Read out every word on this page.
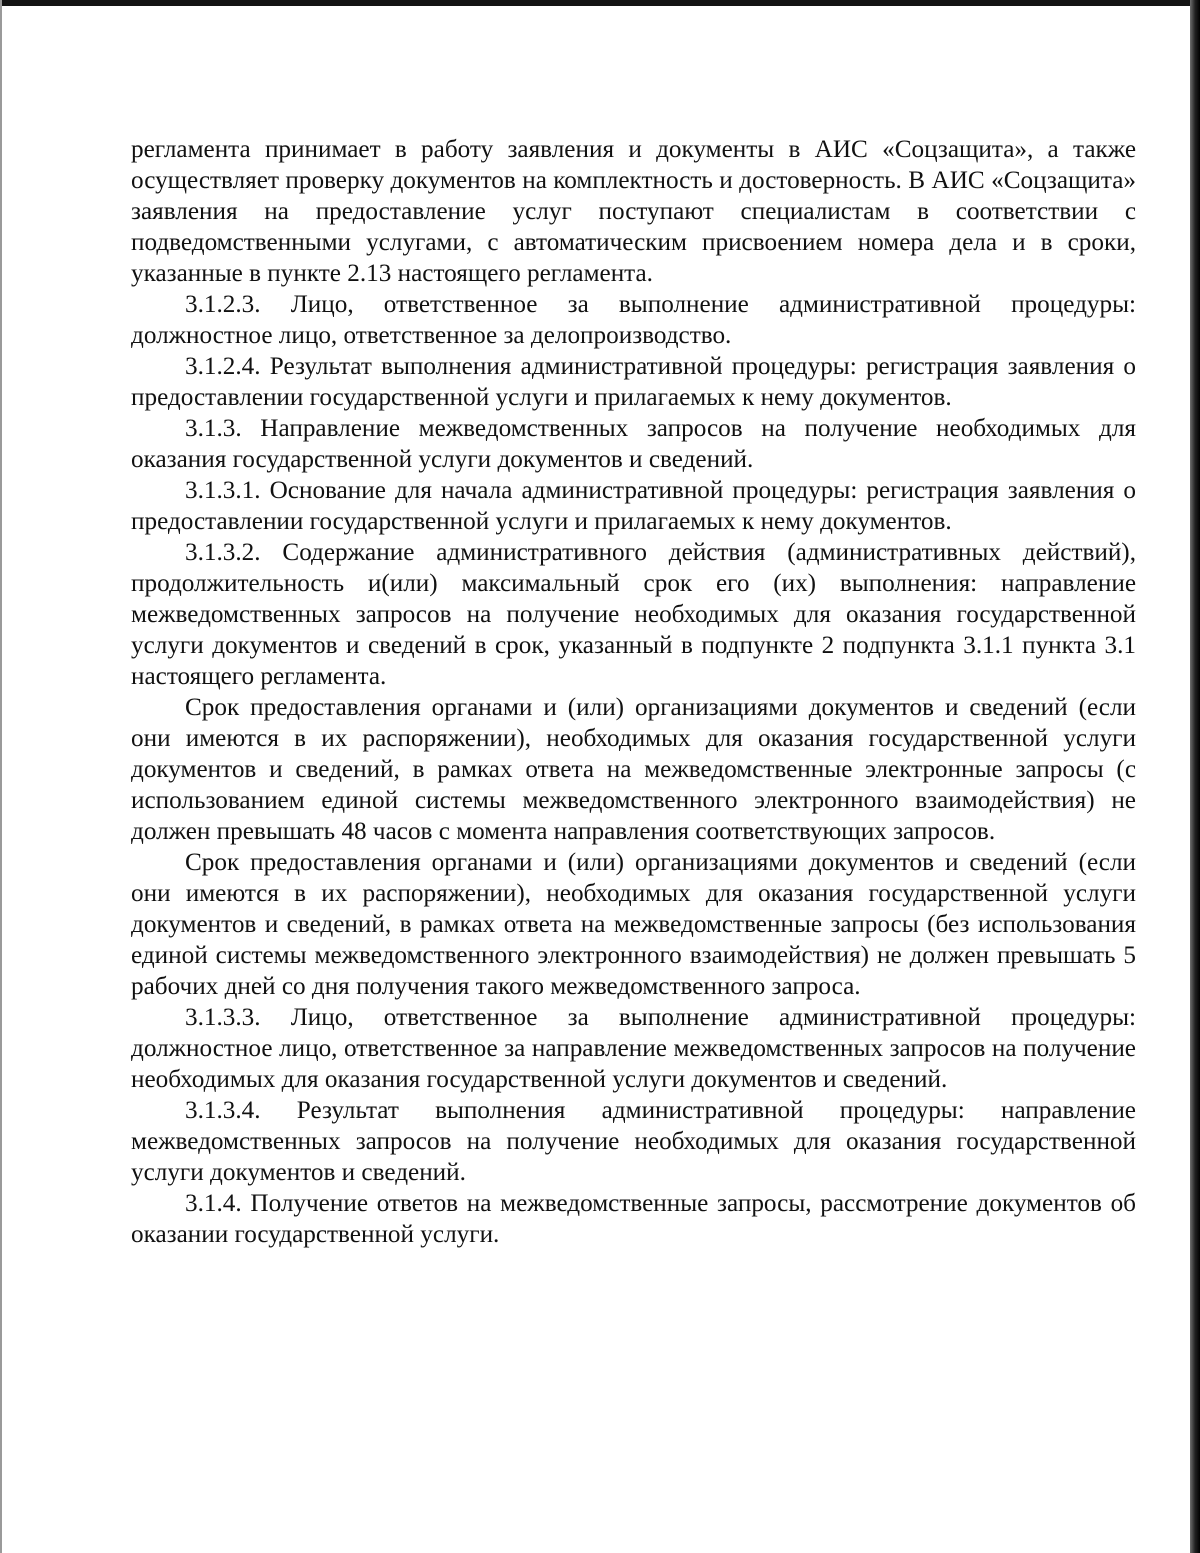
регламента принимает в работу заявления и документы в АИС «Соцзащита», а также осуществляет проверку документов на комплектность и достоверность. В АИС «Соцзащита» заявления на предоставление услуг поступают специалистам в соответствии с подведомственными услугами, с автоматическим присвоением номера дела и в сроки, указанные в пункте 2.13 настоящего регламента.

3.1.2.3. Лицо, ответственное за выполнение административной процедуры: должностное лицо, ответственное за делопроизводство.

3.1.2.4. Результат выполнения административной процедуры: регистрация заявления о предоставлении государственной услуги и прилагаемых к нему документов.

3.1.3. Направление межведомственных запросов на получение необходимых для оказания государственной услуги документов и сведений.

3.1.3.1. Основание для начала административной процедуры: регистрация заявления о предоставлении государственной услуги и прилагаемых к нему документов.

3.1.3.2. Содержание административного действия (административных действий), продолжительность и(или) максимальный срок его (их) выполнения: направление межведомственных запросов на получение необходимых для оказания государственной услуги документов и сведений в срок, указанный в подпункте 2 подпункта 3.1.1 пункта 3.1 настоящего регламента.

Срок предоставления органами и (или) организациями документов и сведений (если они имеются в их распоряжении), необходимых для оказания государственной услуги документов и сведений, в рамках ответа на межведомственные электронные запросы (с использованием единой системы межведомственного электронного взаимодействия) не должен превышать 48 часов с момента направления соответствующих запросов.

Срок предоставления органами и (или) организациями документов и сведений (если они имеются в их распоряжении), необходимых для оказания государственной услуги документов и сведений, в рамках ответа на межведомственные запросы (без использования единой системы межведомственного электронного взаимодействия) не должен превышать 5 рабочих дней со дня получения такого межведомственного запроса.

3.1.3.3. Лицо, ответственное за выполнение административной процедуры: должностное лицо, ответственное за направление межведомственных запросов на получение необходимых для оказания государственной услуги документов и сведений.

3.1.3.4. Результат выполнения административной процедуры: направление межведомственных запросов на получение необходимых для оказания государственной услуги документов и сведений.

3.1.4. Получение ответов на межведомственные запросы, рассмотрение документов об оказании государственной услуги.
